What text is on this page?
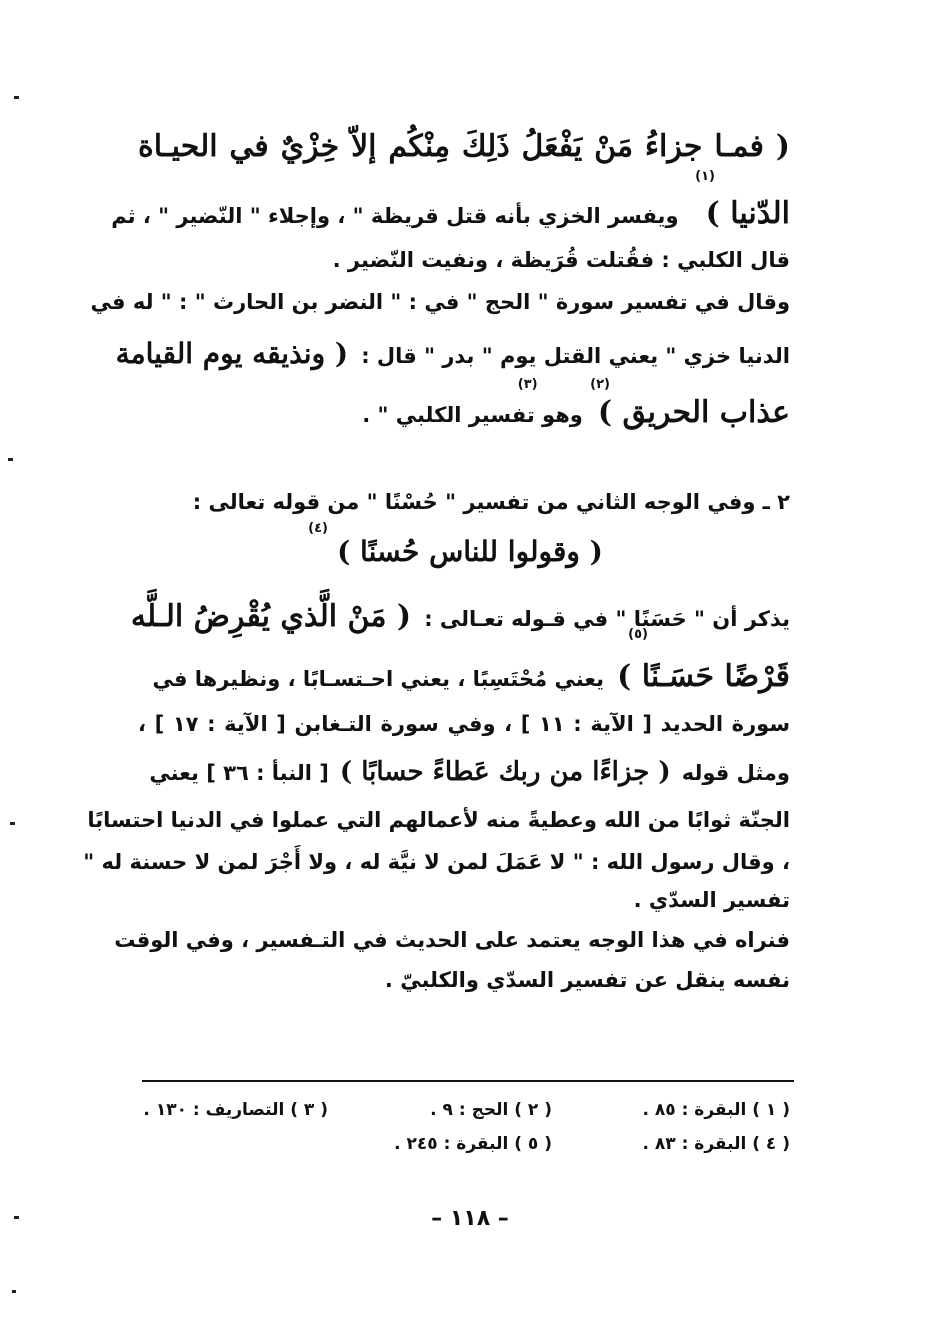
( فمـا جزاءُ مَنْ يَفْعَلُ ذَلِكَ مِنْكُم إلاّ خِزْيٌ في الحيـاة
(١)
الدّنيا ) ويفسر الخزي بأنه قتل قريظة " ، وإجلاء " النّضير " ، ثم
قال الكلبي : فقُتلت قُرَيظة ، ونفيت النّضير .
وقال في تفسير سورة " الحج " في : " النضر بن الحارث " : " له في
الدنيا خزي " يعني القتل يوم " بدر " قال : ( ونذيقه يوم القيامة
(٢) (٣)
عذاب الحريق ) وهو تفسير الكلبي " .
٢ ـ وفي الوجه الثاني من تفسير " حُسْنًا " من قوله تعالى :
(٤)
( وقولوا للناس حُسنًا )
يذكر أن " حَسَنًا " في قـوله تعـالى : ( مَنْ الَّذي يُقْرِضُ الـلَّه
(٥)
قَرْضًا حَسَـنًا ) يعني مُحْتَسِبًا ، يعني احـتسـابًا ، ونظيرها في
سورة الحديد [ الآية : ١١ ] ، وفي سورة التـغابن [ الآية : ١٧ ] ،
ومثل قوله ( جزاءًا من ربك عَطاءً حسابًا ) [ النبأ : ٣٦ ] يعني
الجنّة ثوابًا من الله وعطيةً منه لأعمالهم التي عملوا في الدنيا احتسابًا
، وقال رسول الله : " لا عَمَلَ لمن لا نيَّة له ، ولا أَجْرَ لمن لا حسنة له "
تفسير السدّي .
فنراه في هذا الوجه يعتمد على الحديث في التـفسير ، وفي الوقت
نفسه ينقل عن تفسير السدّي والكلبيّ .
( ١ ) البقرة : ٨٥ .
( ٢ ) الحج : ٩ .
( ٣ ) التصاريف : ١٣٠ .
( ٤ ) البقرة : ٨٣ .
( ٥ ) البقرة : ٢٤٥ .
– ١١٨ –
